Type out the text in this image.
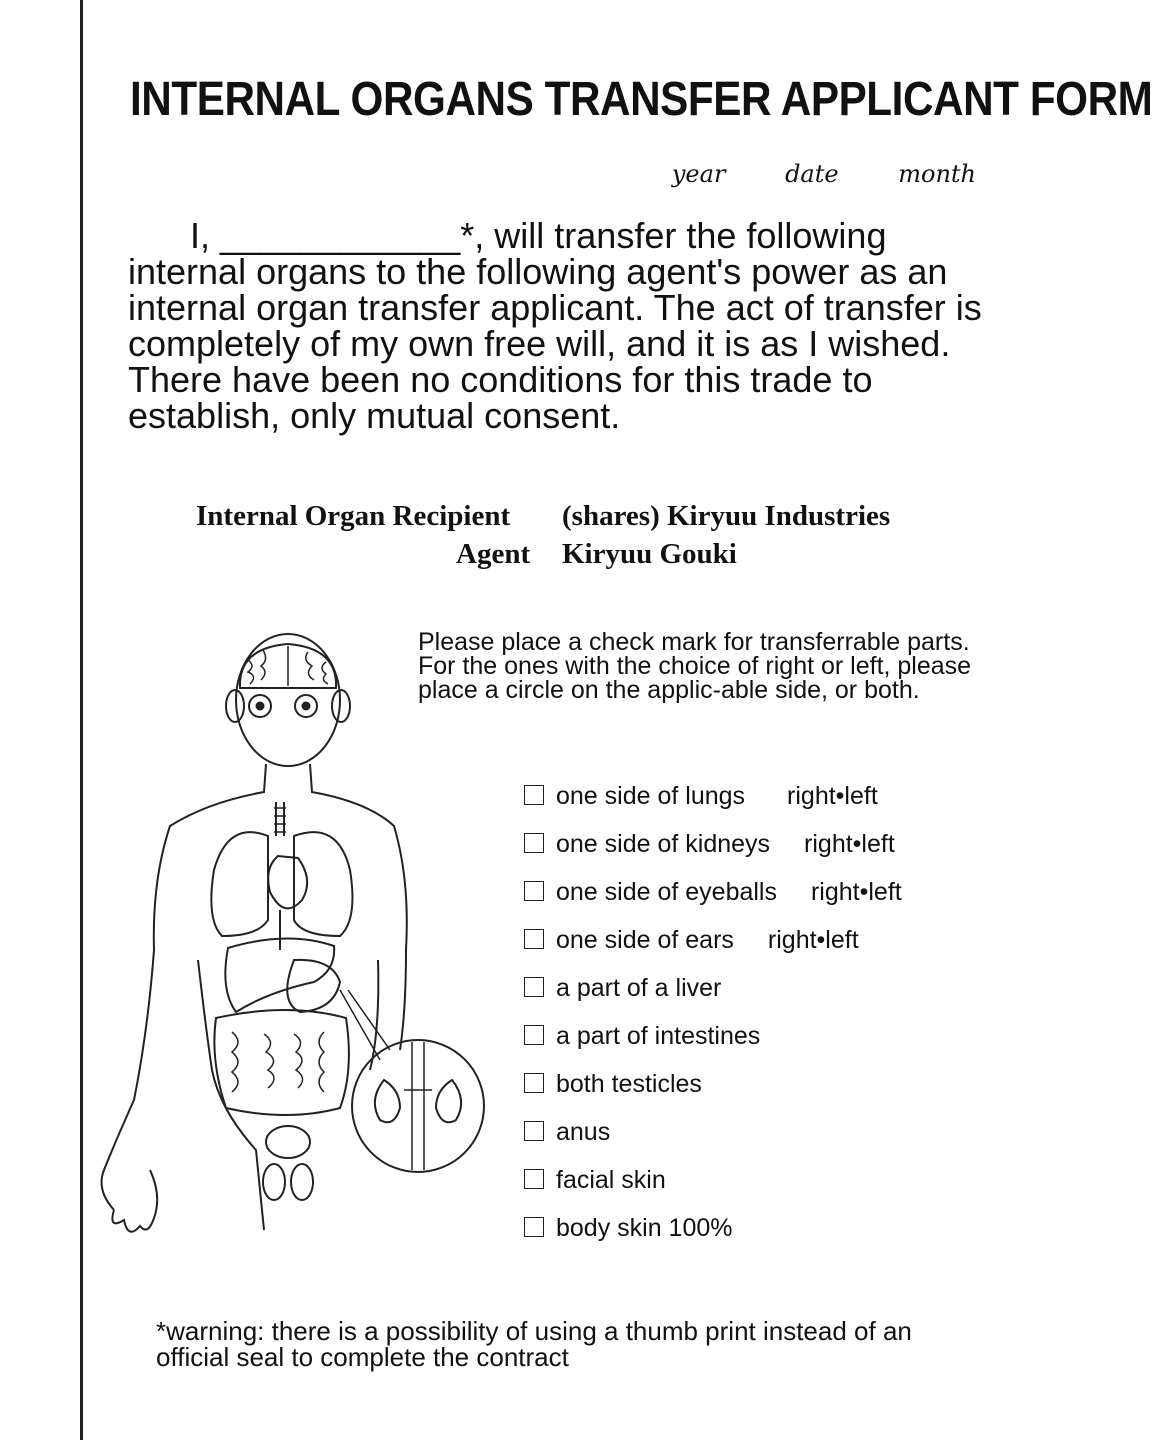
INTERNAL ORGANS TRANSFER APPLICANT FORM
year date month
I, ____________*, will transfer the following internal organs to the following agent's power as an internal organ transfer applicant. The act of transfer is completely of my own free will, and it is as I wished. There have been no conditions for this trade to establish, only mutual consent.
Internal Organ Recipient (shares) Kiryuu Industries
Agent Kiryuu Gouki
Please place a check mark for transferrable parts. For the ones with the choice of right or left, please place a circle on the applic-able side, or both.
one side of lungs right•left
one side of kidneys right•left
one side of eyeballs right•left
one side of ears right•left
a part of a liver
a part of intestines
both testicles
anus
facial skin
body skin 100%
*warning: there is a possibility of using a thumb print instead of an official seal to complete the contract
